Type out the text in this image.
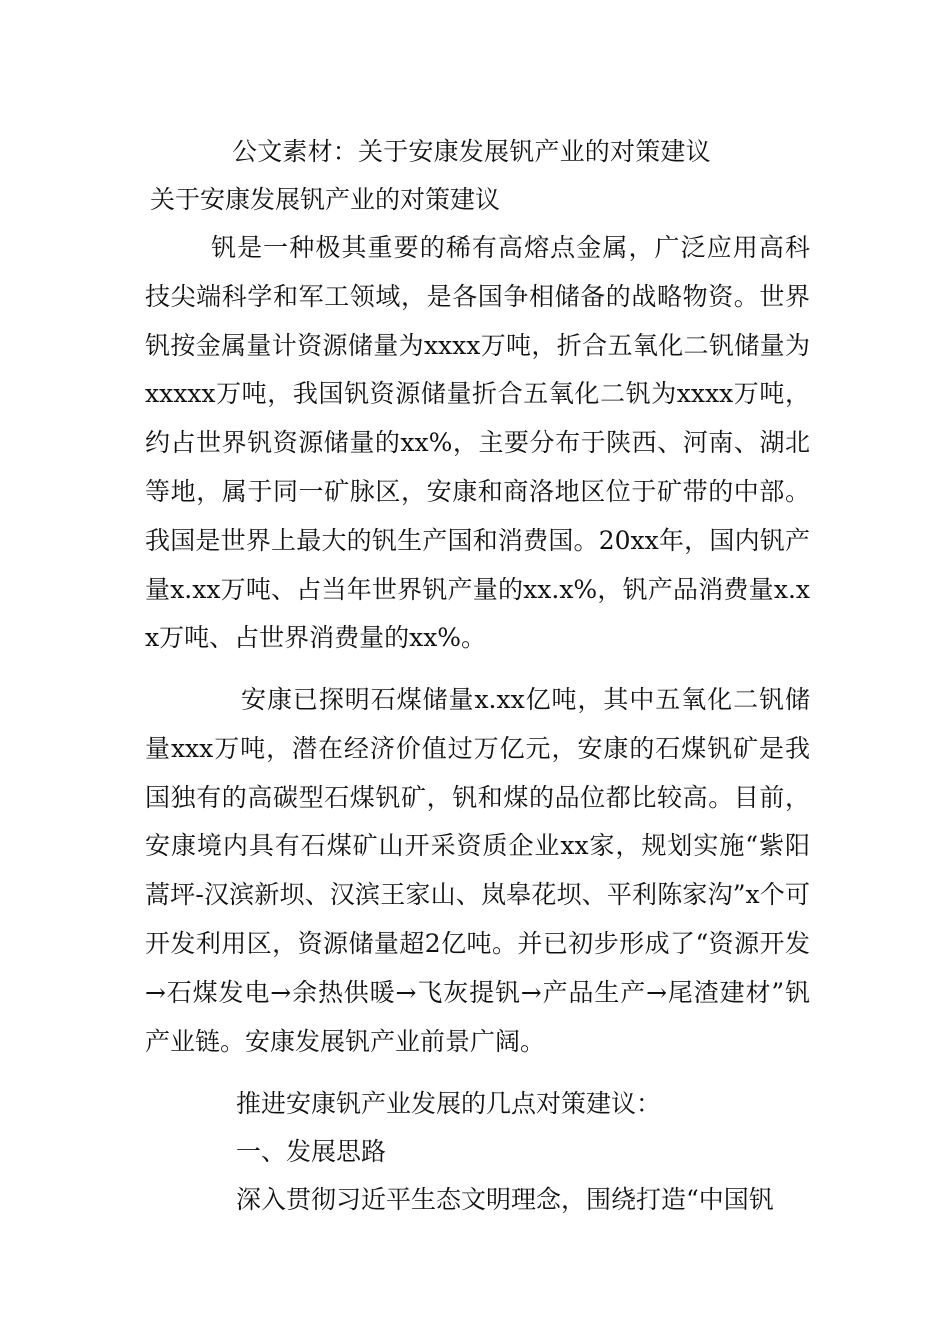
公文素材：关于安康发展钒产业的对策建议
关于安康发展钒产业的对策建议
钒是一种极其重要的稀有高熔点金属，广泛应用高科技尖端科学和军工领域，是各国争相储备的战略物资。世界钒按金属量计资源储量为xxxx万吨，折合五氧化二钒储量为xxxxx万吨，我国钒资源储量折合五氧化二钒为xxxx万吨，约占世界钒资源储量的xx%，主要分布于陕西、河南、湖北等地，属于同一矿脉区，安康和商洛地区位于矿带的中部。我国是世界上最大的钒生产国和消费国。20xx年，国内钒产量x.xx万吨、占当年世界钒产量的xx.x%，钒产品消费量x.xx万吨、占世界消费量的xx%。
安康已探明石煤储量x.xx亿吨，其中五氧化二钒储量xxx万吨，潜在经济价值过万亿元，安康的石煤钒矿是我国独有的高碳型石煤钒矿，钒和煤的品位都比较高。目前，安康境内具有石煤矿山开采资质企业xx家，规划实施“紫阳蒿坪-汉滨新坝、汉滨王家山、岚皋花坝、平利陈家沟”x个可开发利用区，资源储量超2亿吨。并已初步形成了“资源开发→石煤发电→余热供暖→飞灰提钒→产品生产→尾渣建材”钒产业链。安康发展钒产业前景广阔。
推进安康钒产业发展的几点对策建议：
一、发展思路
深入贯彻习近平生态文明理念，围绕打造“中国钒
